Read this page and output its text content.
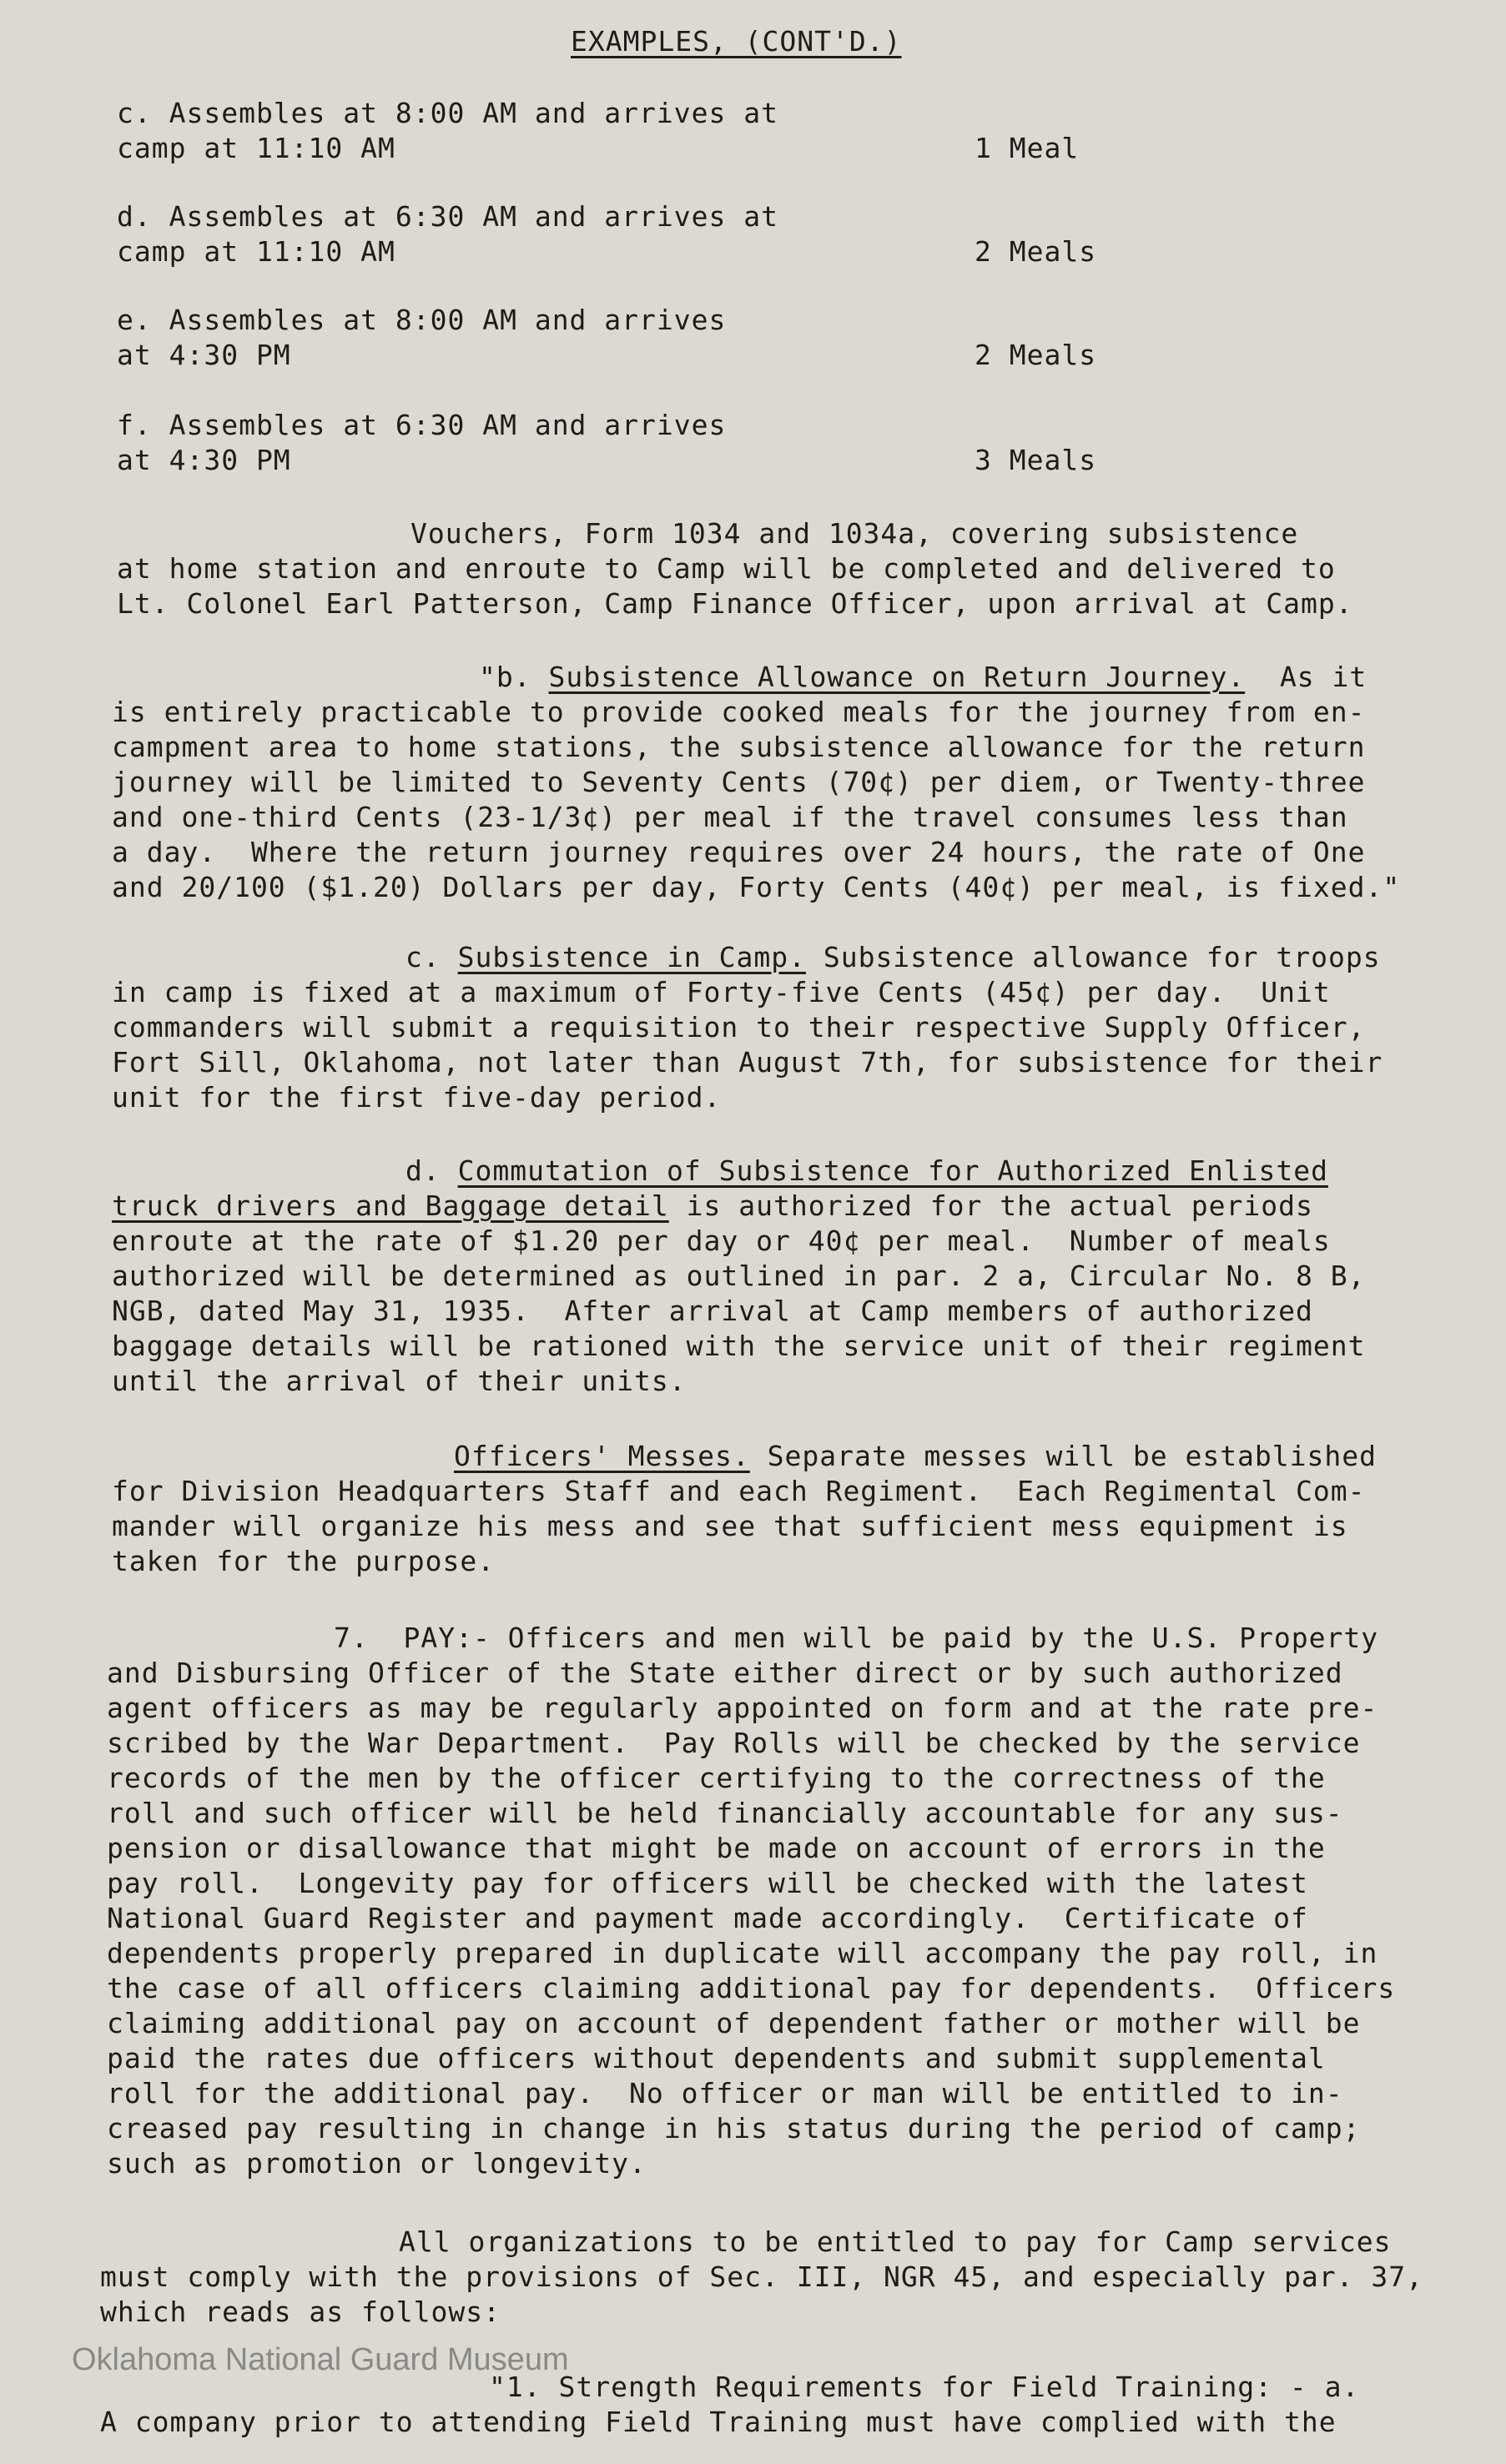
EXAMPLES, (CONT'D.)
c. Assembles at 8:00 AM and arrives at
camp at 11:10 AM	1 Meal
d. Assembles at 6:30 AM and arrives at
camp at 11:10 AM	2 Meals
e. Assembles at 8:00 AM and arrives
at 4:30 PM	2 Meals
f. Assembles at 6:30 AM and arrives
at 4:30 PM	3 Meals
Vouchers, Form 1034 and 1034a, covering subsistence
at home station and enroute to Camp will be completed and delivered to
Lt. Colonel Earl Patterson, Camp Finance Officer, upon arrival at Camp.
"b. Subsistence Allowance on Return Journey.  As it
is entirely practicable to provide cooked meals for the journey from en-
campment area to home stations, the subsistence allowance for the return
journey will be limited to Seventy Cents (70¢) per diem, or Twenty-three
and one-third Cents (23-1/3¢) per meal if the travel consumes less than
a day.  Where the return journey requires over 24 hours, the rate of One
and 20/100 ($1.20) Dollars per day, Forty Cents (40¢) per meal, is fixed."
c. Subsistence in Camp. Subsistence allowance for troops
in camp is fixed at a maximum of Forty-five Cents (45¢) per day.  Unit
commanders will submit a requisition to their respective Supply Officer,
Fort Sill, Oklahoma, not later than August 7th, for subsistence for their
unit for the first five-day period.
d. Commutation of Subsistence for Authorized Enlisted
truck drivers and Baggage detail is authorized for the actual periods
enroute at the rate of $1.20 per day or 40¢ per meal.  Number of meals
authorized will be determined as outlined in par. 2 a, Circular No. 8 B,
NGB, dated May 31, 1935.  After arrival at Camp members of authorized
baggage details will be rationed with the service unit of their regiment
until the arrival of their units.
Officers' Messes. Separate messes will be established
for Division Headquarters Staff and each Regiment.  Each Regimental Com-
mander will organize his mess and see that sufficient mess equipment is
taken for the purpose.
7.  PAY:- Officers and men will be paid by the U.S. Property
and Disbursing Officer of the State either direct or by such authorized
agent officers as may be regularly appointed on form and at the rate pre-
scribed by the War Department.  Pay Rolls will be checked by the service
records of the men by the officer certifying to the correctness of the
roll and such officer will be held financially accountable for any sus-
pension or disallowance that might be made on account of errors in the
pay roll.  Longevity pay for officers will be checked with the latest
National Guard Register and payment made accordingly.  Certificate of
dependents properly prepared in duplicate will accompany the pay roll, in
the case of all officers claiming additional pay for dependents.  Officers
claiming additional pay on account of dependent father or mother will be
paid the rates due officers without dependents and submit supplemental
roll for the additional pay.  No officer or man will be entitled to in-
creased pay resulting in change in his status during the period of camp;
such as promotion or longevity.
All organizations to be entitled to pay for Camp services
must comply with the provisions of Sec. III, NGR 45, and especially par. 37,
which reads as follows:
"1. Strength Requirements for Field Training: - a.
A company prior to attending Field Training must have complied with the
Oklahoma National Guard Museum
